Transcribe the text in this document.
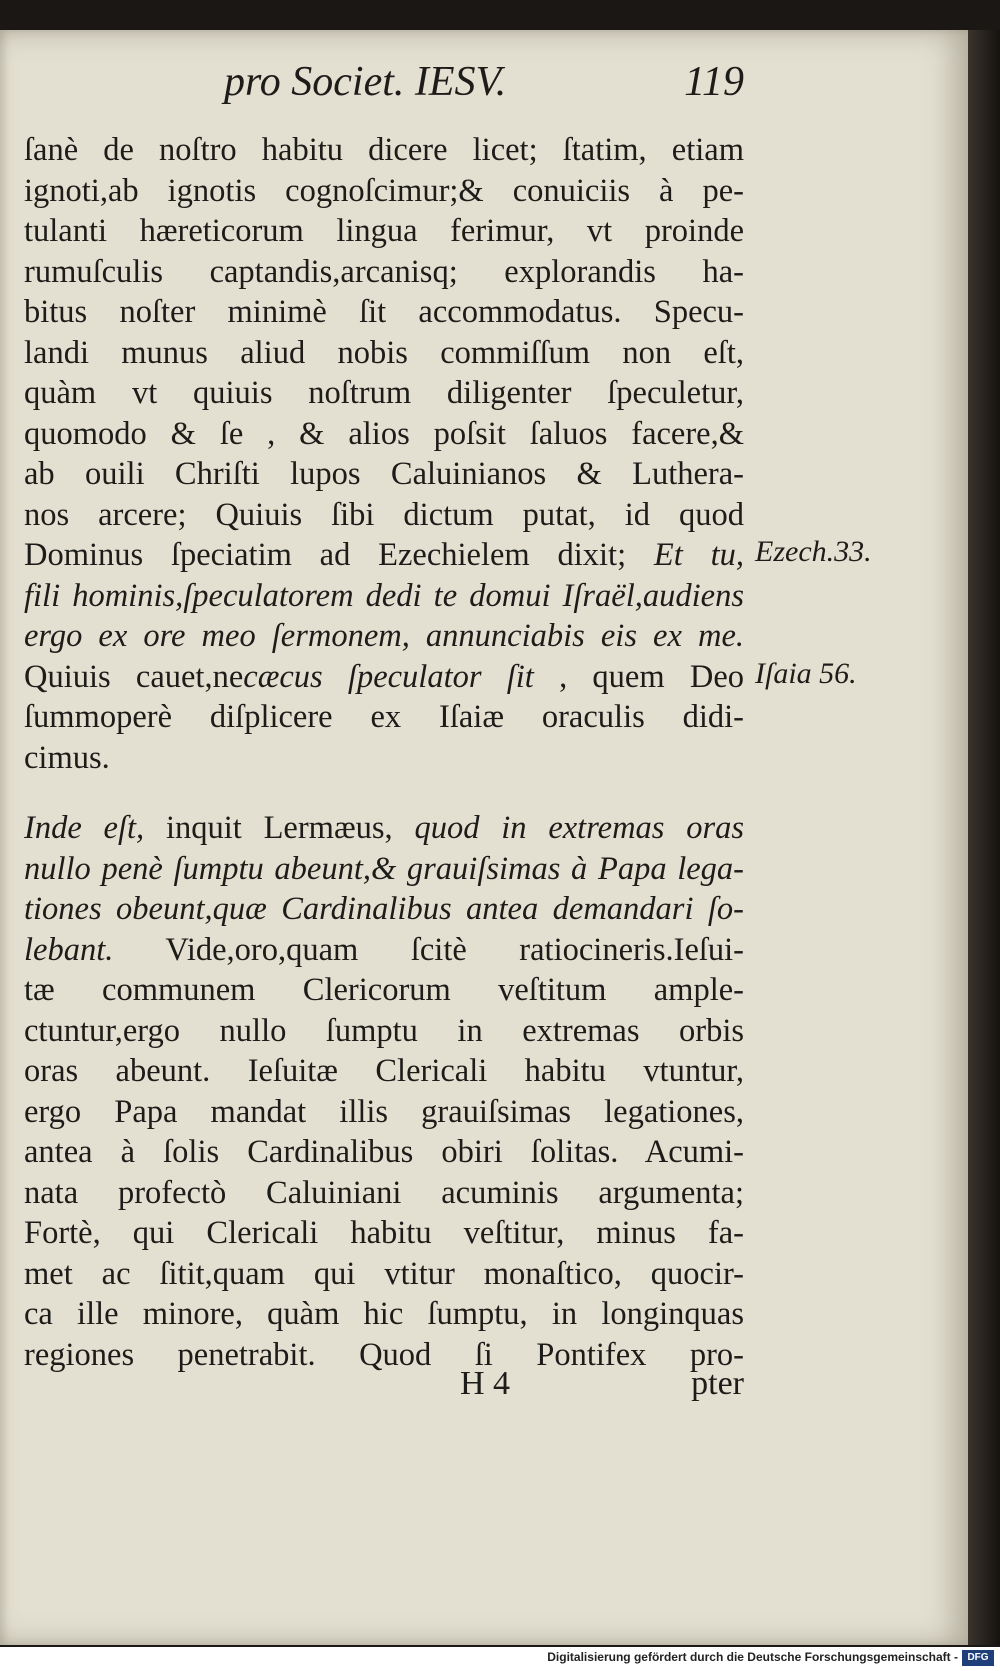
pro Societ. IESV.	119
ſanè de noſtro habitu dicere licet; ſtatim, etiam
ignoti,ab ignotis cognoſcimur;& conuiciis à pe-
tulanti hæreticorum lingua ferimur, vt proinde
rumuſculis captandis,arcanisq; explorandis ha-
bitus noſter minimè ſit accommodatus. Specu-
landi munus aliud nobis commiſſum non eſt,
quàm vt quiuis noſtrum diligenter ſpeculetur,
quomodo & ſe , & alios poſsit ſaluos facere,&
ab ouili Chriſti lupos Caluinianos & Luthera-
nos arcere; Quiuis ſibi dictum putat, id quod
Dominus ſpeciatim ad Ezechielem dixit; Et tu,
fili hominis,ſpeculatorem dedi te domui Iſraël,audiens
ergo ex ore meo ſermonem, annunciabis eis ex me.
Quiuis cauet,necæcus ſpeculator ſit , quem Deo
ſummoperè diſplicere ex Iſaiæ oraculis didi-
cimus.
Inde eſt, inquit Lermæus, quod in extremas oras
nullo penè ſumptu abeunt,& grauiſsimas à Papa lega-
tiones obeunt,quæ Cardinalibus antea demandari ſo-
lebant. Vide,oro,quam ſcitè ratiocineris.Ieſui-
tæ communem Clericorum veſtitum ample-
ctuntur,ergo nullo ſumptu in extremas orbis
oras abeunt. Ieſuitæ Clericali habitu vtuntur,
ergo Papa mandat illis grauiſsimas legationes,
antea à ſolis Cardinalibus obiri ſolitas. Acumi-
nata profectò Caluiniani acuminis argumenta;
Fortè, qui Clericali habitu veſtitur, minus fa-
met ac ſitit,quam qui vtitur monaſtico, quocir-
ca ille minore, quàm hic ſumptu, in longinquas
regiones penetrabit. Quod ſi Pontifex pro-
Ezech.33.
Iſaia 56.
H 4	pter
Digitalisierung gefördert durch die Deutsche Forschungsgemeinschaft - DFG
